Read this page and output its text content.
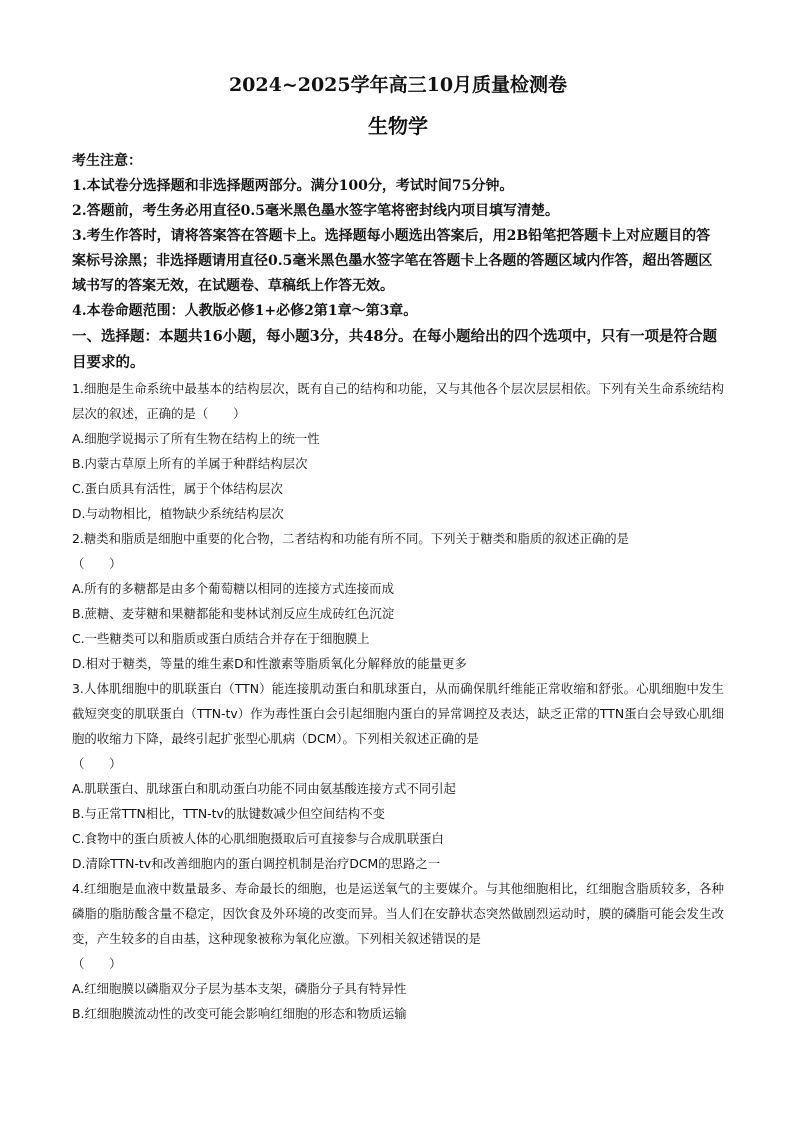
2024~2025学年高三10月质量检测卷
生物学
考生注意：
1.本试卷分选择题和非选择题两部分。满分100分，考试时间75分钟。
2.答题前，考生务必用直径0.5毫米黑色墨水签字笔将密封线内项目填写清楚。
3.考生作答时，请将答案答在答题卡上。选择题每小题选出答案后，用2B铅笔把答题卡上对应题目的答案标号涂黑；非选择题请用直径0.5毫米黑色墨水签字笔在答题卡上各题的答题区域内作答，超出答题区域书写的答案无效，在试题卷、草稿纸上作答无效。
4.本卷命题范围：人教版必修1+必修2第1章～第3章。
一、选择题：本题共16小题，每小题3分，共48分。在每小题给出的四个选项中，只有一项是符合题目要求的。
1.细胞是生命系统中最基本的结构层次，既有自己的结构和功能，又与其他各个层次层层相依。下列有关生命系统结构层次的叙述，正确的是（　　）
A.细胞学说揭示了所有生物在结构上的统一性
B.内蒙古草原上所有的羊属于种群结构层次
C.蛋白质具有活性，属于个体结构层次
D.与动物相比，植物缺少系统结构层次
2.糖类和脂质是细胞中重要的化合物，二者结构和功能有所不同。下列关于糖类和脂质的叙述正确的是
（　　）
A.所有的多糖都是由多个葡萄糖以相同的连接方式连接而成
B.蔗糖、麦芽糖和果糖都能和斐林试剂反应生成砖红色沉淀
C.一些糖类可以和脂质或蛋白质结合并存在于细胞膜上
D.相对于糖类，等量的维生素D和性激素等脂质氧化分解释放的能量更多
3.人体肌细胞中的肌联蛋白（TTN）能连接肌动蛋白和肌球蛋白，从而确保肌纤维能正常收缩和舒张。心肌细胞中发生截短突变的肌联蛋白（TTN-tv）作为毒性蛋白会引起细胞内蛋白的异常调控及表达，缺乏正常的TTN蛋白会导致心肌细胞的收缩力下降，最终引起扩张型心肌病（DCM）。下列相关叙述正确的是
（　　）
A.肌联蛋白、肌球蛋白和肌动蛋白功能不同由氨基酸连接方式不同引起
B.与正常TTN相比，TTN-tv的肽键数减少但空间结构不变
C.食物中的蛋白质被人体的心肌细胞摄取后可直接参与合成肌联蛋白
D.清除TTN-tv和改善细胞内的蛋白调控机制是治疗DCM的思路之一
4.红细胞是血液中数量最多、寿命最长的细胞，也是运送氧气的主要媒介。与其他细胞相比，红细胞含脂质较多，各种磷脂的脂肪酸含量不稳定，因饮食及外环境的改变而异。当人们在安静状态突然做剧烈运动时，膜的磷脂可能会发生改变，产生较多的自由基，这种现象被称为氧化应激。下列相关叙述错误的是
（　　）
A.红细胞膜以磷脂双分子层为基本支架，磷脂分子具有特异性
B.红细胞膜流动性的改变可能会影响红细胞的形态和物质运输
